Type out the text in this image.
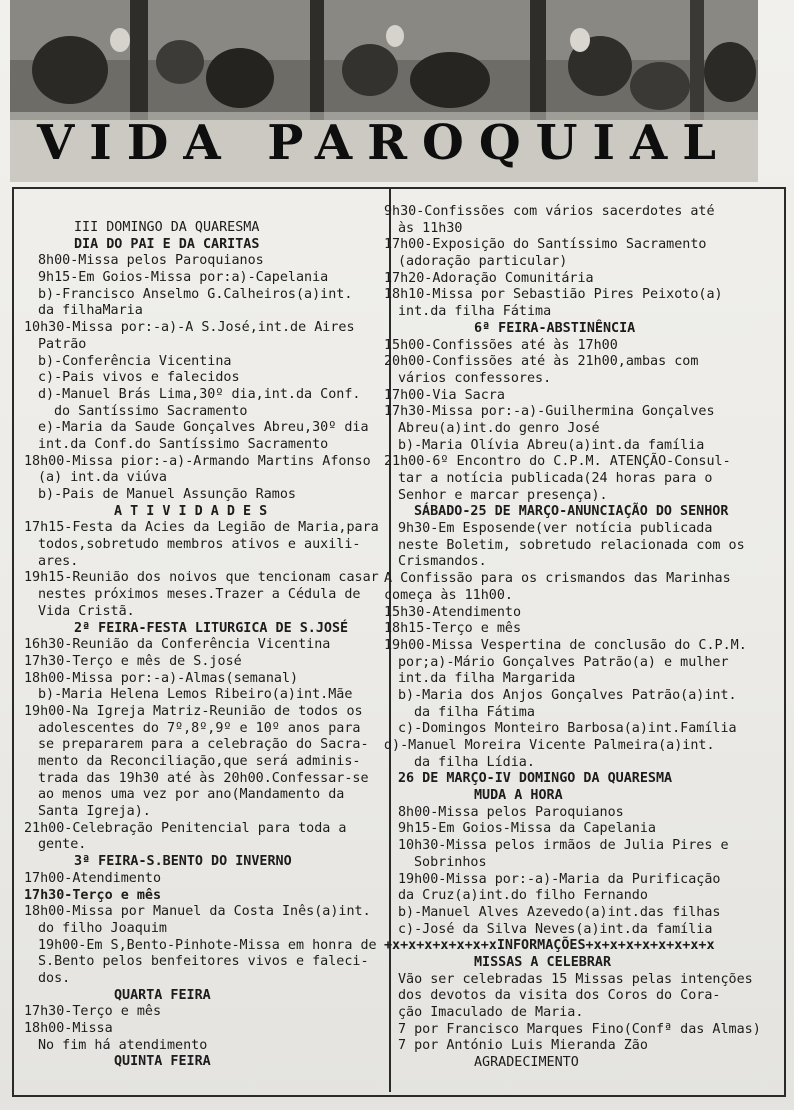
VIDA PAROQUIAL
III DOMINGO DA QUARESMA
DIA DO PAI E DA CARITAS
8h00-Missa pelos Paroquianos
9h15-Em Goios-Missa por:a)-Capelania
b)-Francisco Anselmo G.Calheiros(a)int.
da filhaMaria
10h30-Missa por:-a)-A S.José,int.de Aires
Patrão
b)-Conferência Vicentina
c)-Pais vivos e falecidos
d)-Manuel Brás Lima,30º dia,int.da Conf.
do Santíssimo Sacramento
e)-Maria da Saude Gonçalves Abreu,30º dia
int.da Conf.do Santíssimo Sacramento
18h00-Missa pior:-a)-Armando Martins Afonso
(a) int.da viúva
b)-Pais de Manuel Assunção Ramos
A T I V I D A D E S
17h15-Festa da Acies da Legião de Maria,para
todos,sobretudo membros ativos e auxili-
ares.
19h15-Reunião dos noivos que tencionam casar
nestes próximos meses.Trazer a Cédula de
Vida Cristã.
2ª FEIRA-FESTA LITURGICA DE S.JOSÉ
16h30-Reunião da Conferência Vicentina
17h30-Terço e mês de S.josé
18h00-Missa por:-a)-Almas(semanal)
b)-Maria Helena Lemos Ribeiro(a)int.Mãe
19h00-Na Igreja Matriz-Reunião de todos os
adolescentes do 7º,8º,9º e 10º anos para
se prepararem para a celebração do Sacra-
mento da Reconciliação,que será adminis-
trada das 19h30 até às 20h00.Confessar-se
ao menos uma vez por ano(Mandamento da
Santa Igreja).
21h00-Celebração Penitencial para toda a
gente.
3ª FEIRA-S.BENTO DO INVERNO
17h00-Atendimento
17h30-Terço e mês
18h00-Missa por Manuel da Costa Inês(a)int.
do filho Joaquim
19h00-Em S,Bento-Pinhote-Missa em honra de
S.Bento pelos benfeitores vivos e faleci-
dos.
QUARTA FEIRA
17h30-Terço e mês
18h00-Missa
No fim há atendimento
QUINTA FEIRA
9h30-Confissões com vários sacerdotes até
às 11h30
17h00-Exposição do Santíssimo Sacramento
(adoração particular)
17h20-Adoração Comunitária
18h10-Missa por Sebastião Pires Peixoto(a)
int.da filha Fátima
6ª FEIRA-ABSTINÊNCIA
15h00-Confissões até às 17h00
20h00-Confissões até às 21h00,ambas com
vários confessores.
17h00-Via Sacra
17h30-Missa por:-a)-Guilhermina Gonçalves
Abreu(a)int.do genro José
b)-Maria Olívia Abreu(a)int.da família
21h00-6º Encontro do C.P.M. ATENÇÃO-Consul-
tar a notícia publicada(24 horas para o
Senhor e marcar presença).
SÁBADO-25 DE MARÇO-ANUNCIAÇÃO DO SENHOR
9h30-Em Esposende(ver notícia publicada
neste Boletim, sobretudo relacionada com os
Crismandos.
A Confissão para os crismandos das Marinhas
começa às 11h00.
15h30-Atendimento
18h15-Terço e mês
19h00-Missa Vespertina de conclusão do C.P.M.
por;a)-Mário Gonçalves Patrão(a) e mulher
int.da filha Margarida
b)-Maria dos Anjos Gonçalves Patrão(a)int.
da filha Fátima
c)-Domingos Monteiro Barbosa(a)int.Família
d)-Manuel Moreira Vicente Palmeira(a)int.
da filha Lídia.
26 DE MARÇO-IV DOMINGO DA QUARESMA
MUDA A HORA
8h00-Missa pelos Paroquianos
9h15-Em Goios-Missa da Capelania
10h30-Missa pelos irmãos de Julia Pires e
Sobrinhos
19h00-Missa por:-a)-Maria da Purificação
da Cruz(a)int.do filho Fernando
b)-Manuel Alves Azevedo(a)int.das filhas
c)-José da Silva Neves(a)int.da família
+x+x+x+x+x+x+xINFORMAÇÕES+x+x+x+x+x+x+x+x
MISSAS A CELEBRAR
Vão ser celebradas 15 Missas pelas intenções
dos devotos da visita dos Coros do Cora-
ção Imaculado de Maria.
7 por Francisco Marques Fino(Confª das Almas)
7 por António Luis Mieranda Zão
AGRADECIMENTO
